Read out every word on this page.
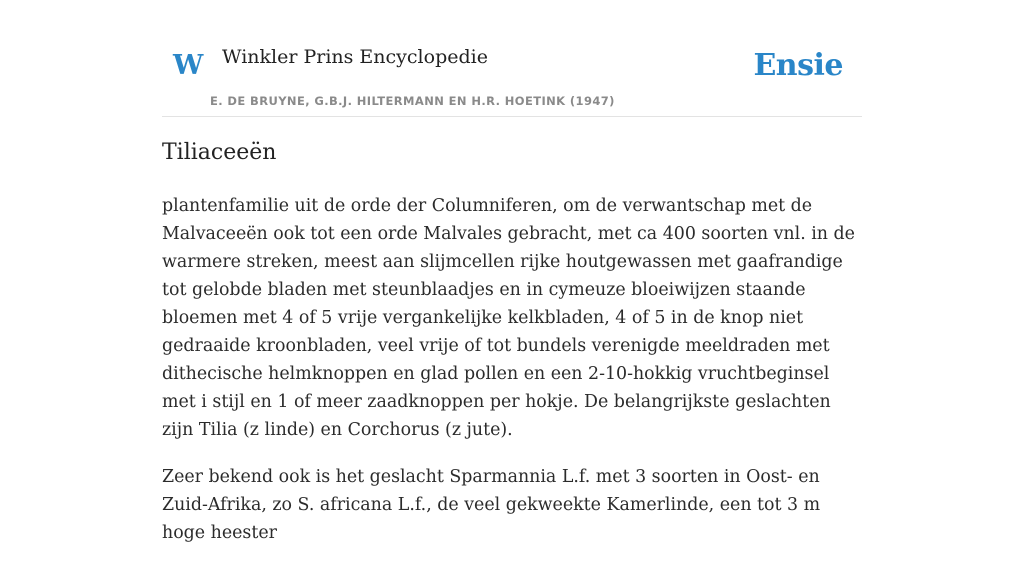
W Winkler Prins Encyclopedie
E. DE BRUYNE, G.B.J. HILTERMANN EN H.R. HOETINK (1947)
Ensie
Tiliaceeën

plantenfamilie uit de orde der Columniferen, om de verwantschap met de Malvaceeën ook tot een orde Malvales gebracht, met ca 400 soorten vnl. in de warmere streken, meest aan slijmcellen rijke houtgewassen met gaafrandige tot gelobde bladen met steunblaadjes en in cymeuze bloeiwijzen staande bloemen met 4 of 5 vrije vergankelijke kelkbladen, 4 of 5 in de knop niet gedraaide kroonbladen, veel vrije of tot bundels verenigde meeldraden met dithecische helmknoppen en glad pollen en een 2-10-hokkig vruchtbeginsel met i stijl en 1 of meer zaadknoppen per hokje. De belangrijkste geslachten zijn Tilia (z linde) en Corchorus (z jute).

Zeer bekend ook is het geslacht Sparmannia L.f. met 3 soorten in Oost- en Zuid-Afrika, zo S. africana L.f., de veel gekweekte Kamerlinde, een tot 3 m hoge heester
